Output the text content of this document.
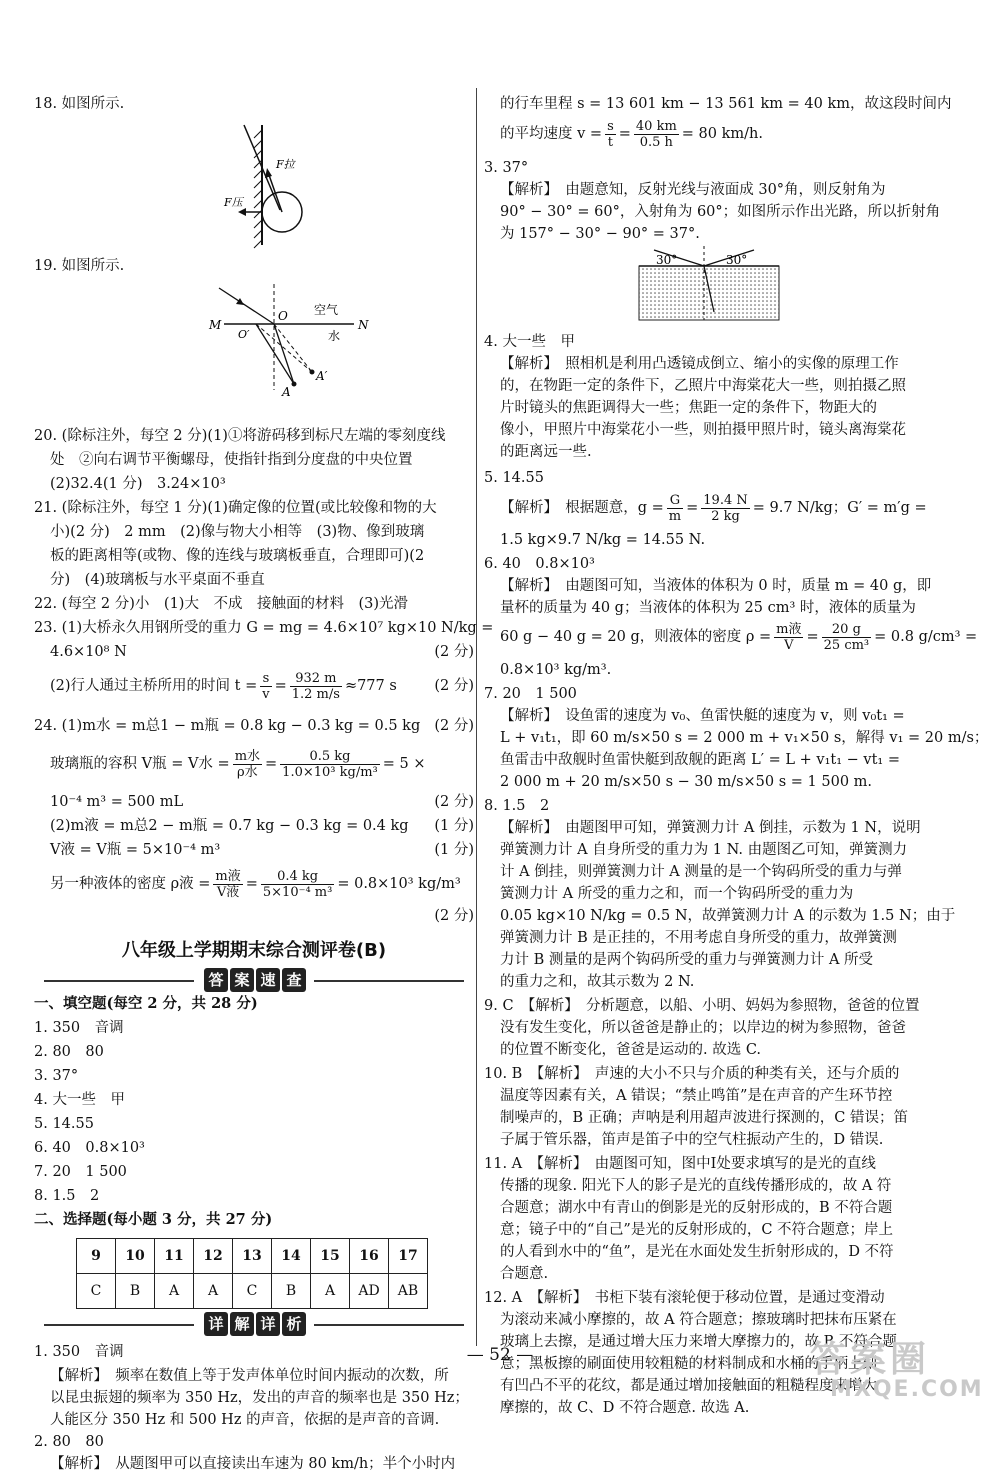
18. 如图所示.
F拉
F压
19. 如图所示.
M	N
O
O′
空气
水
A
A′
20. (除标注外，每空 2 分)(1)①将游码移到标尺左端的零刻度线
处　②向右调节平衡螺母，使指针指到分度盘的中央位置
(2)32.4(1 分)　3.24×10³
21. (除标注外，每空 1 分)(1)确定像的位置(或比较像和物的大
小)(2 分)　2 mm　(2)像与物大小相等　(3)物、像到玻璃
板的距离相等(或物、像的连线与玻璃板垂直，合理即可)(2
分)　(4)玻璃板与水平桌面不垂直
22. (每空 2 分)小　(1)大　不成　接触面的材料　(3)光滑
23. (1)大桥永久用钢所受的重力 G = mg = 4.6×10⁷ kg×10 N/kg =
4.6×10⁸ N	(2 分)
(2)行人通过主桥所用的时间 $t = \frac{s}{v} = \frac{932 m}{1.2 m/s} \approx 777$ s	(2 分)
24. (1)m水 = m总1 − m瓶 = 0.8 kg − 0.3 kg = 0.5 kg (2 分)
玻璃瓶的容积 V瓶 = V水 = $\frac{\text{m水}}{\text{ρ水}} = \frac{0.5 kg}{\text{1.0×10³ kg/m³}} = 5$ ×
10⁻⁴ m³ = 500 mL	(2 分)
(2)m液 = m总2 − m瓶 = 0.7 kg − 0.3 kg = 0.4 kg (1 分)
V液 = V瓶 = 5×10⁻⁴ m³	(1 分)
另一种液体的密度 ρ液 = $\frac{\text{m液}}{\text{V液}} = \frac{0.4 kg}{\text{5×10⁻⁴ m³}} = 0.8\times 10^3$ kg/m³
(2 分)
八年级上学期期末综合测评卷(B)
答 案 速 查
一、填空题(每空 2 分，共 28 分)
1. 350　音调
2. 80　80
3. 37°
4. 大一些　甲
5. 14.55
6. 40　0.8×10³
7. 20　1 500
8. 1.5　2
二、选择题(每小题 3 分，共 27 分)
9	10	11	12	13	14	15	16	17
C	B	A	A	C	B	A	AD	AB
详 解 详 析
1. 350　音调
【解析】　频率在数值上等于发声体单位时间内振动的次数，所
以昆虫振翅的频率为 350 Hz，发出的声音的频率也是 350 Hz；
人能区分 350 Hz 和 500 Hz 的声音，依据的是声音的音调.
2. 80　80
【解析】　从题图甲可以直接读出车速为 80 km/h；半个小时内
的行车里程 s = 13 601 km − 13 561 km = 40 km，故这段时间内
的平均速度 $v = \frac{s}{t} = \frac{40 km}{0.5 h} = 80$ km/h.
3. 37°
【解析】　由题意知，反射光线与液面成 30°角，则反射角为
90° − 30° = 60°，入射角为 60°；如图所示作出光路，所以折射角
为 157° − 30° − 90° = 37°.
30°	30°
4. 大一些　甲
【解析】　照相机是利用凸透镜成倒立、缩小的实像的原理工作
的，在物距一定的条件下，乙照片中海棠花大一些，则拍摄乙照
片时镜头的焦距调得大一些；焦距一定的条件下，物距大的
像小，甲照片中海棠花小一些，则拍摄甲照片时，镜头离海棠花
的距离远一些.
5. 14.55
【解析】　根据题意，$g = \frac{G}{m} = \frac{19.4 N}{2 kg} = 9.7$ N/kg；G′ = m′g =
1.5 kg×9.7 N/kg = 14.55 N.
6. 40　0.8×10³
【解析】　由题图可知，当液体的体积为 0 时，质量 m = 40 g，即
量杯的质量为 40 g；当液体的体积为 25 cm³ 时，液体的质量为
60 g − 40 g = 20 g，则液体的密度 $\rho = \frac{\text{m液}}{V} = \frac{20 g}{\text{25 cm³}} = 0.8$ g/cm³ =
0.8×10³ kg/m³.
7. 20　1 500
【解析】　设鱼雷的速度为 v₀、鱼雷快艇的速度为 v，则 v₀t₁ =
L + v₁t₁，即 60 m/s×50 s = 2 000 m + v₁×50 s，解得 v₁ = 20 m/s；
鱼雷击中敌舰时鱼雷快艇到敌舰的距离 L′ = L + v₁t₁ − vt₁ =
2 000 m + 20 m/s×50 s − 30 m/s×50 s = 1 500 m.
8. 1.5　2
【解析】　由题图甲可知，弹簧测力计 A 倒挂，示数为 1 N，说明
弹簧测力计 A 自身所受的重力为 1 N. 由题图乙可知，弹簧测力
计 A 倒挂，则弹簧测力计 A 测量的是一个钩码所受的重力与弹
簧测力计 A 所受的重力之和，而一个钩码所受的重力为
0.05 kg×10 N/kg = 0.5 N，故弹簧测力计 A 的示数为 1.5 N；由于
弹簧测力计 B 是正挂的，不用考虑自身所受的重力，故弹簧测
力计 B 测量的是两个钩码所受的重力与弹簧测力计 A 所受
的重力之和，故其示数为 2 N.
9. C　【解析】　分析题意，以船、小明、妈妈为参照物，爸爸的位置
没有发生变化，所以爸爸是静止的；以岸边的树为参照物，爸爸
的位置不断变化，爸爸是运动的. 故选 C.
10. B　【解析】　声速的大小不只与介质的种类有关，还与介质的
温度等因素有关，A 错误；“禁止鸣笛”是在声音的产生环节控
制噪声的，B 正确；声呐是利用超声波进行探测的，C 错误；笛
子属于管乐器，笛声是笛子中的空气柱振动产生的，D 错误.
11. A　【解析】　由题图可知，图中Ⅰ处要求填写的是光的直线
传播的现象. 阳光下人的影子是光的直线传播形成的，故 A 符
合题意；湖水中有青山的倒影是光的反射形成的，B 不符合题
意；镜子中的“自己”是光的反射形成的，C 不符合题意；岸上
的人看到水中的“鱼”，是光在水面处发生折射形成的，D 不符
合题意.
12. A　【解析】　书柜下装有滚轮便于移动位置，是通过变滑动
为滚动来减小摩擦的，故 A 符合题意；擦玻璃时把抹布压紧在
玻璃上去擦，是通过增大压力来增大摩擦力的，故 B 不符合题
意；黑板擦的刷面使用较粗糙的材料制成和水桶的手柄上刻
有凹凸不平的花纹，都是通过增加接触面的粗糙程度来增大
摩擦的，故 C、D 不符合题意. 故选 A.
— 52 —	答案圈
MXQE.COM
